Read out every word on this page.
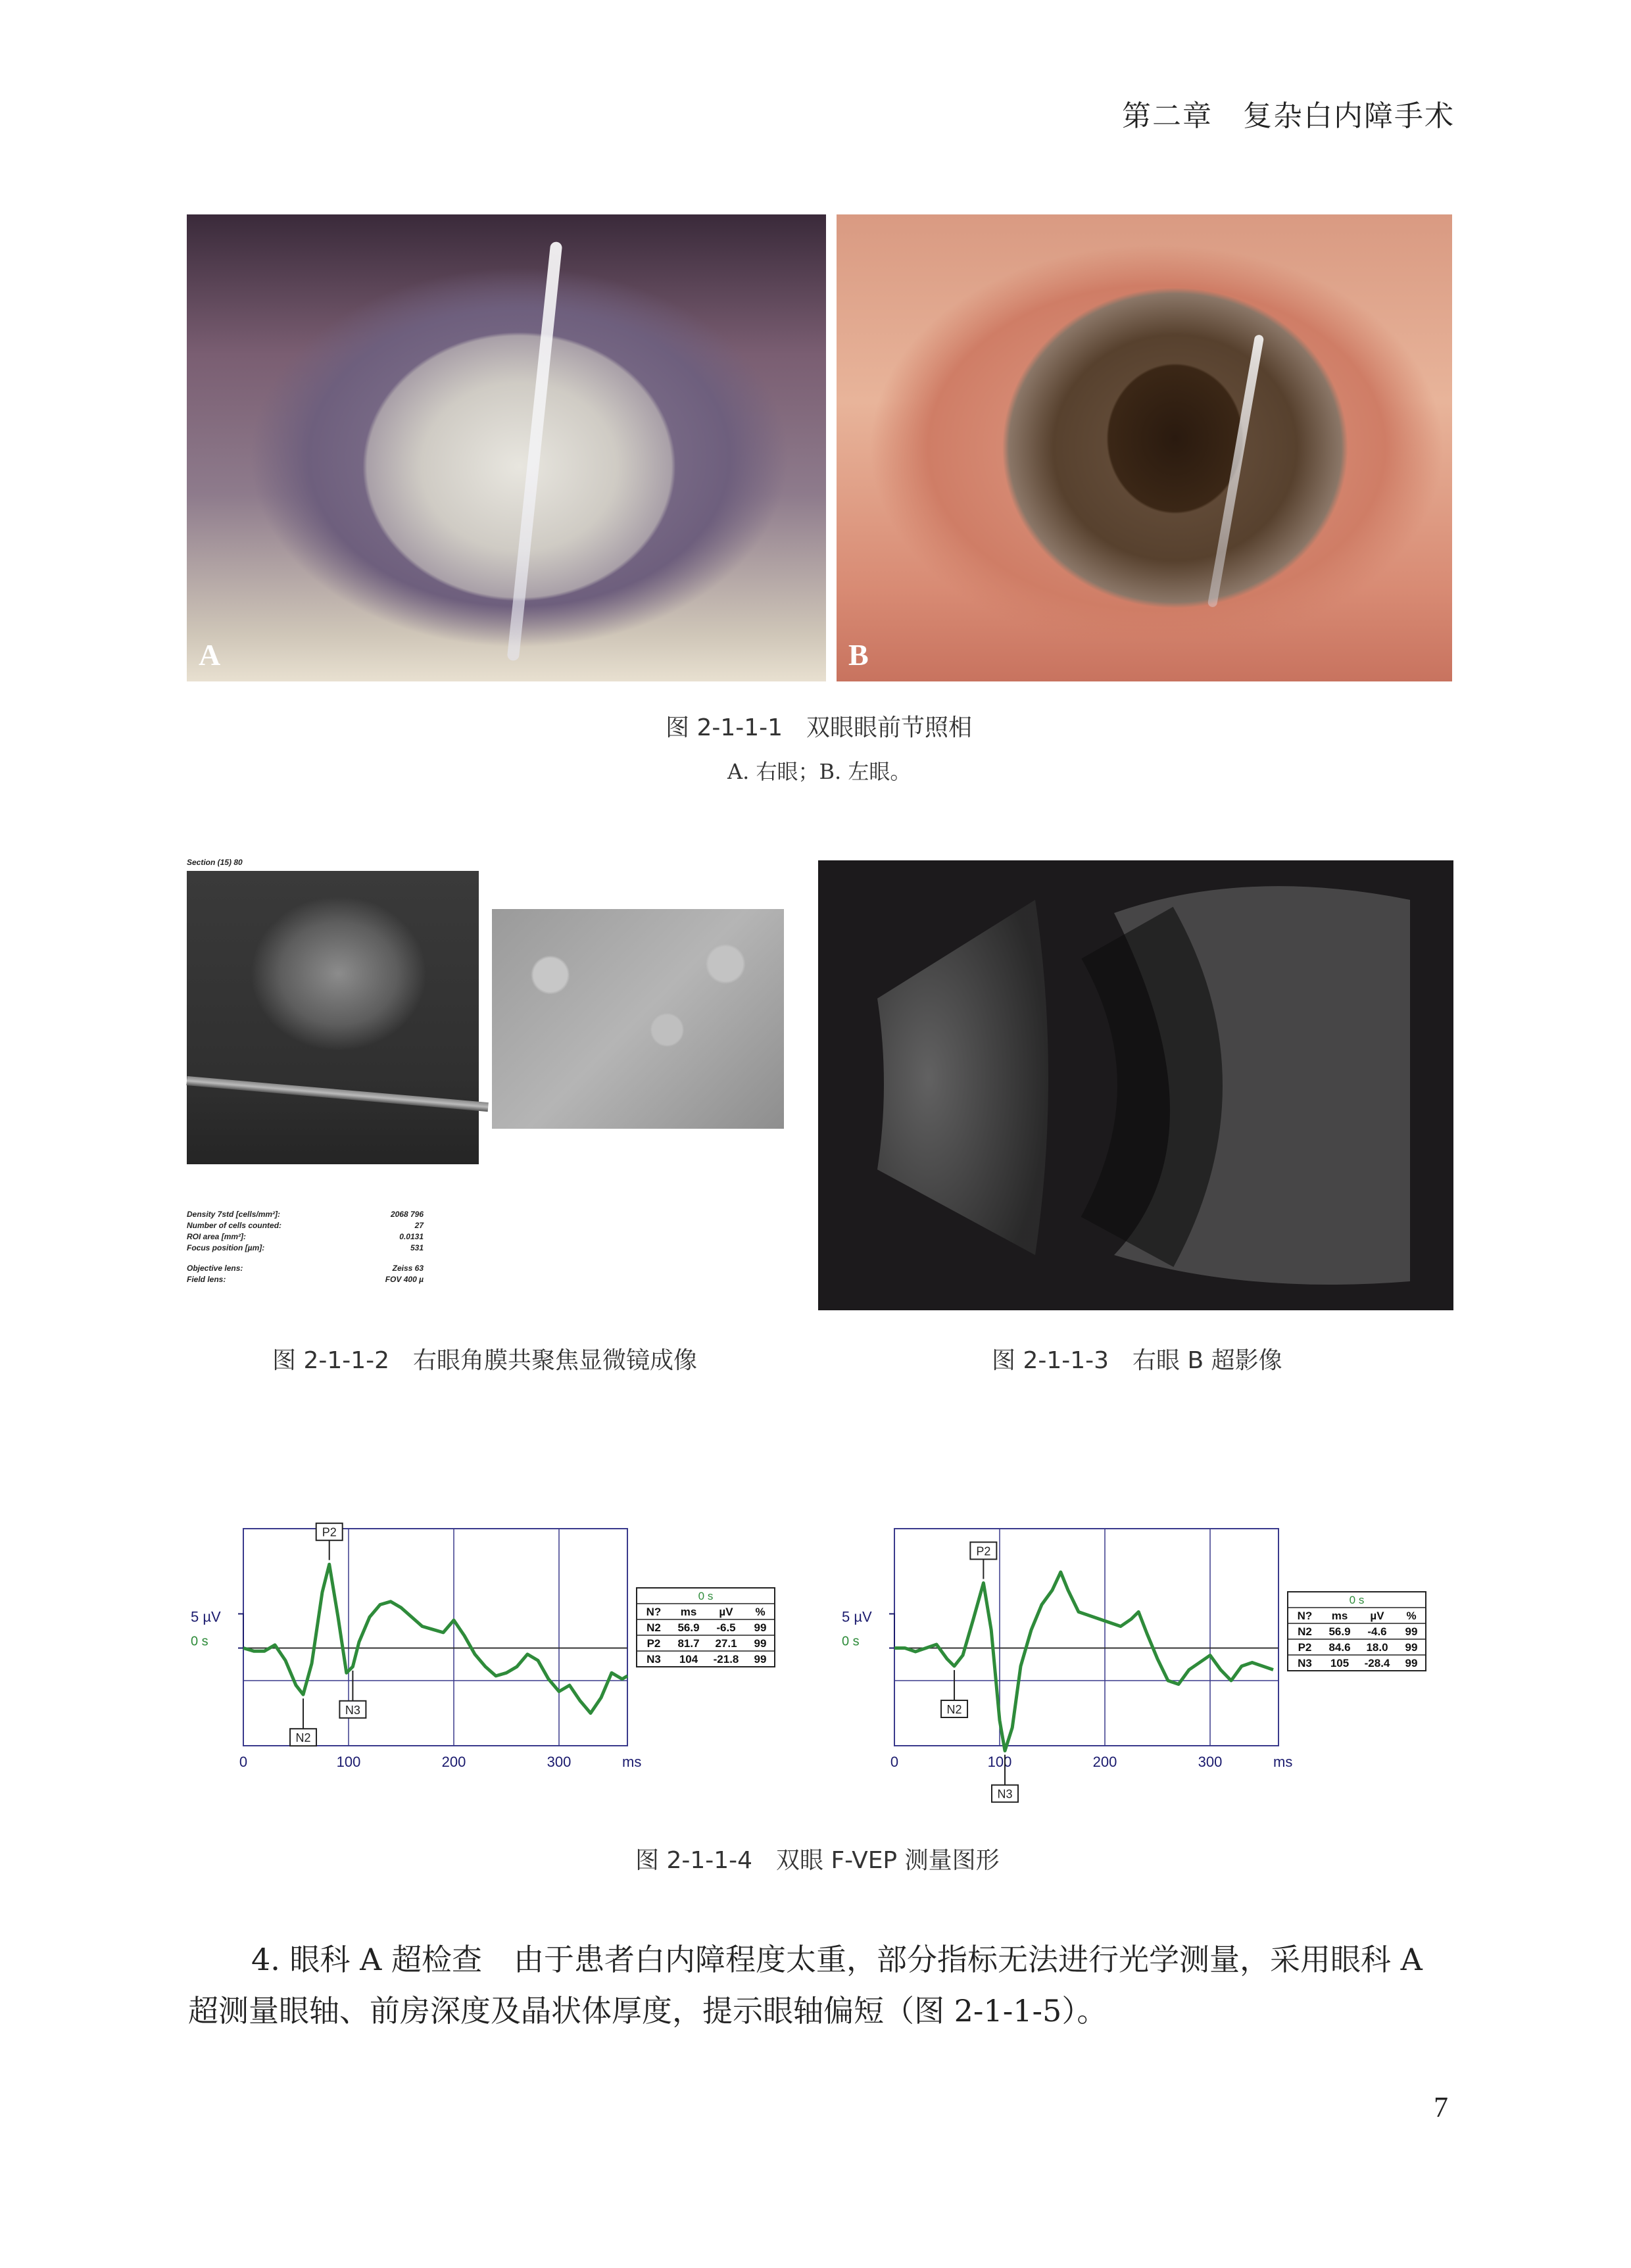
第二章　复杂白内障手术
A	B
图 2-1-1-1　双眼眼前节照相
A. 右眼；B. 左眼。
Section (15) 80
Density 7std [cells/mm²]:	2068 796
Number of cells counted:	27
ROI area [mm²]:	0.0131
Focus position [µm]:	531
Objective lens:	Zeiss 63
Field lens:	FOV 400 µ
图 2-1-1-2　右眼角膜共聚焦显微镜成像	图 2-1-1-3　右眼 B 超影像
5 µV
0 s
0	100	200	300	ms
P2
N2
N3
0 s
N? ms µV %
N2 56.9 -6.5 99
P2 81.7 27.1 99
N3 104 -21.8 99
5 µV
0 s
0	100	200	300	ms
P2
N2
N3
0 s
N? ms µV %
N2 56.9 -4.6 99
P2 84.6 18.0 99
N3 105 -28.4 99
图 2-1-1-4　双眼 F-VEP 测量图形
4. 眼科 A 超检查 由于患者白内障程度太重，部分指标无法进行光学测量，采用眼科 A 超测量眼轴、前房深度及晶状体厚度，提示眼轴偏短（图 2-1-1-5）。
7
